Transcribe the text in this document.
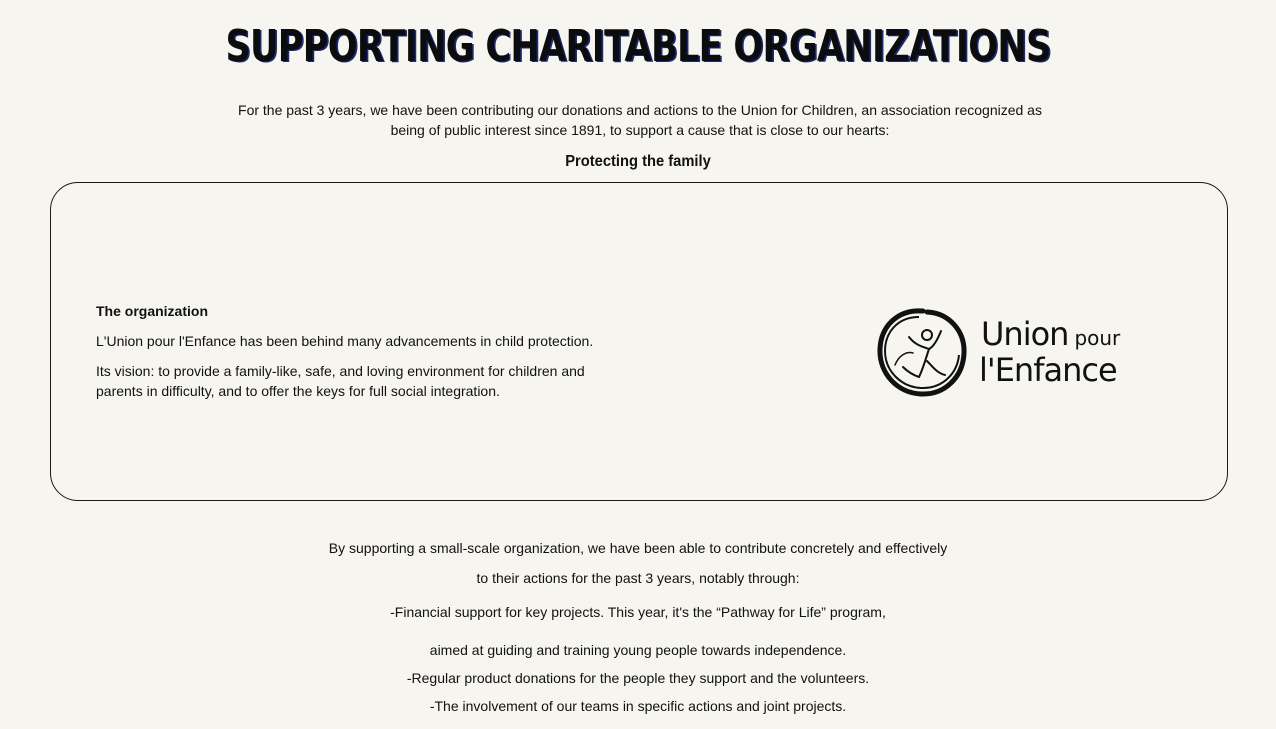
SUPPORTING CHARITABLE ORGANIZATIONS
For the past 3 years, we have been contributing our donations and actions to the Union for Children, an association recognized as being of public interest since 1891, to support a cause that is close to our hearts:
Protecting the family

The organization

L'Union pour l'Enfance has been behind many advancements in child protection.

Its vision: to provide a family-like, safe, and loving environment for children and parents in difficulty, and to offer the keys for full social integration.

Union pour
l'Enfance

By supporting a small-scale organization, we have been able to contribute concretely and effectively

to their actions for the past 3 years, notably through:

-Financial support for key projects. This year, it's the “Pathway for Life” program,

aimed at guiding and training young people towards independence.

-Regular product donations for the people they support and the volunteers.

-The involvement of our teams in specific actions and joint projects.
